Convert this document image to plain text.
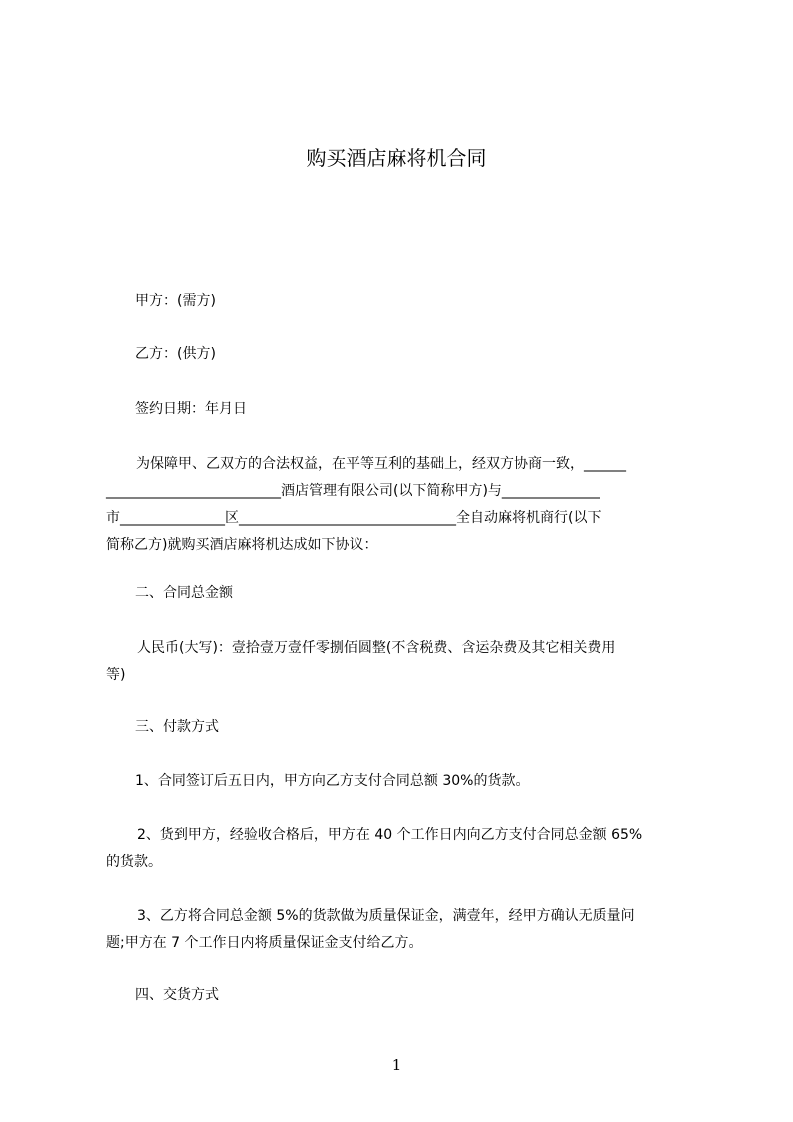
购买酒店麻将机合同
甲方：(需方)
乙方：(供方)
签约日期：年月日
为保障甲、乙双方的合法权益，在平等互利的基础上，经双方协商一致，______
_________________________酒店管理有限公司(以下简称甲方)与______________
市_______________区_______________________________全自动麻将机商行(以下
简称乙方)就购买酒店麻将机达成如下协议：
二、合同总金额
人民币(大写)：壹拾壹万壹仟零捌佰圆整(不含税费、含运杂费及其它相关费用
等)
三、付款方式
1、合同签订后五日内，甲方向乙方支付合同总额 30%的货款。
2、货到甲方，经验收合格后，甲方在 40 个工作日内向乙方支付合同总金额 65%
的货款。
3、乙方将合同总金额 5%的货款做为质量保证金，满壹年，经甲方确认无质量问
题;甲方在 7 个工作日内将质量保证金支付给乙方。
四、交货方式
1
